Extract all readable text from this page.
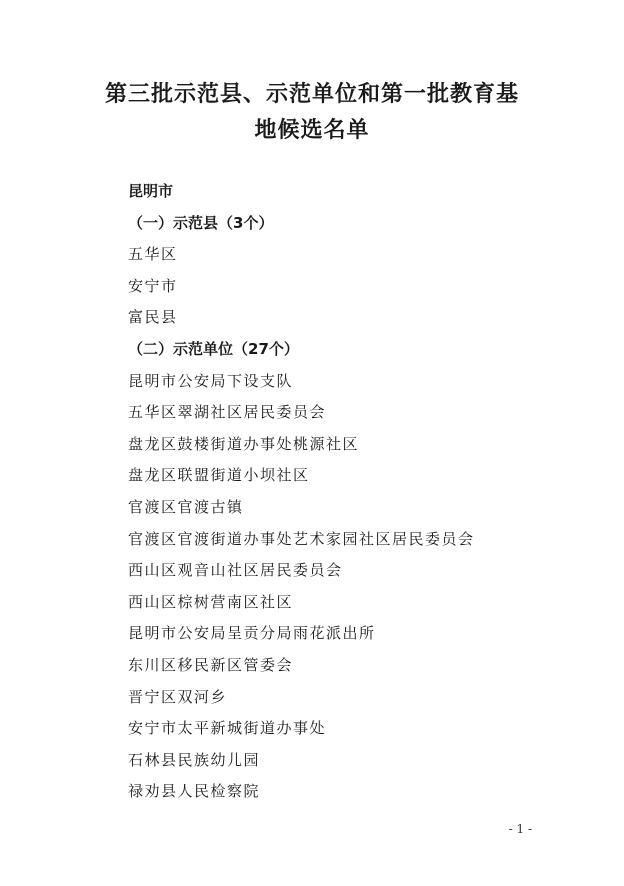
第三批示范县、示范单位和第一批教育基
地候选名单
昆明市
（一）示范县（3个）
五华区
安宁市
富民县
（二）示范单位（27个）
昆明市公安局下设支队
五华区翠湖社区居民委员会
盘龙区鼓楼街道办事处桃源社区
盘龙区联盟街道小坝社区
官渡区官渡古镇
官渡区官渡街道办事处艺术家园社区居民委员会
西山区观音山社区居民委员会
西山区棕树营南区社区
昆明市公安局呈贡分局雨花派出所
东川区移民新区管委会
晋宁区双河乡
安宁市太平新城街道办事处
石林县民族幼儿园
禄劝县人民检察院
- 1 -
